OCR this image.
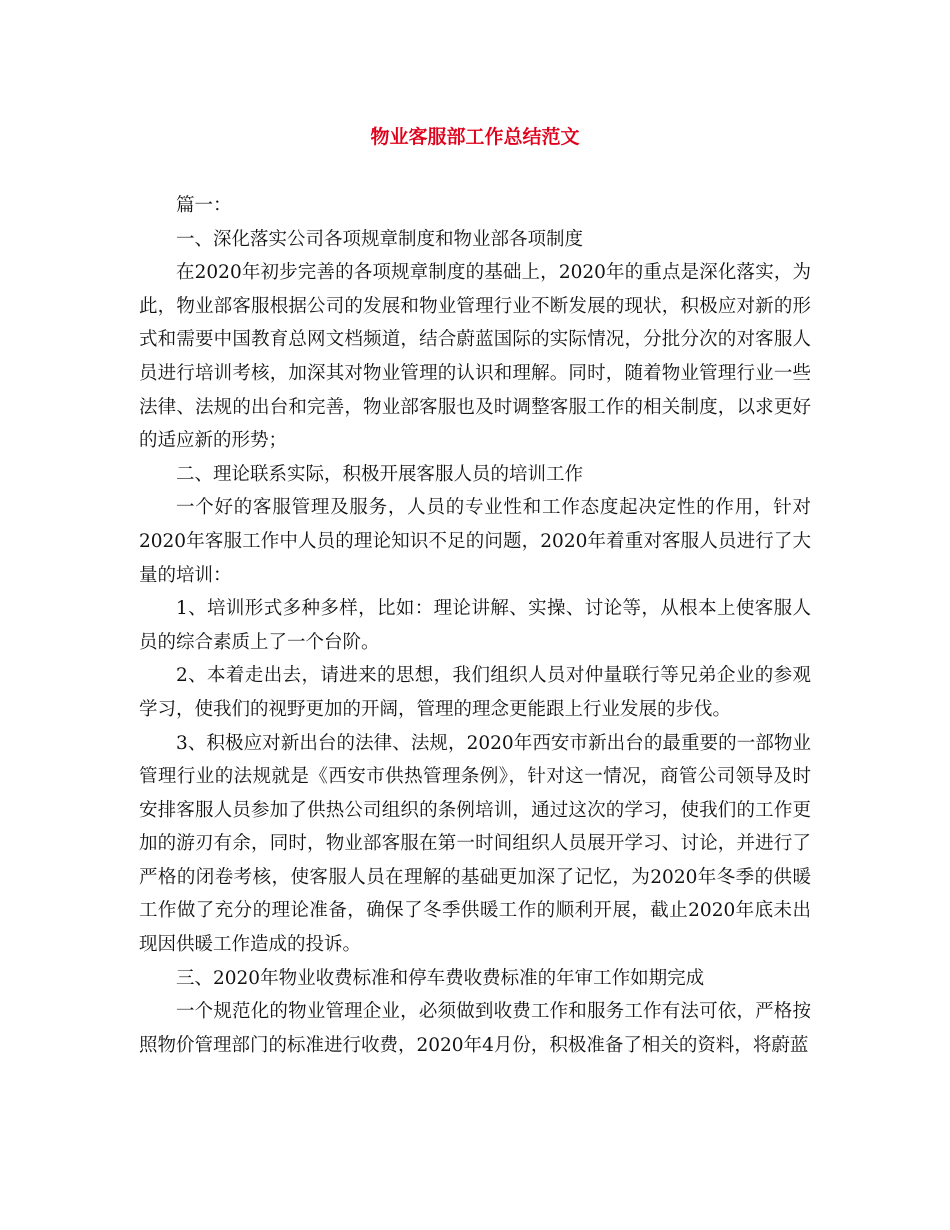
物业客服部工作总结范文

篇一：

一、深化落实公司各项规章制度和物业部各项制度

在2020年初步完善的各项规章制度的基础上，2020年的重点是深化落实，为此，物业部客服根据公司的发展和物业管理行业不断发展的现状，积极应对新的形式和需要中国教育总网文档频道，结合蔚蓝国际的实际情况，分批分次的对客服人员进行培训考核，加深其对物业管理的认识和理解。同时，随着物业管理行业一些法律、法规的出台和完善，物业部客服也及时调整客服工作的相关制度，以求更好的适应新的形势；

二、理论联系实际，积极开展客服人员的培训工作

一个好的客服管理及服务，人员的专业性和工作态度起决定性的作用，针对2020年客服工作中人员的理论知识不足的问题，2020年着重对客服人员进行了大量的培训：

1、培训形式多种多样，比如：理论讲解、实操、讨论等，从根本上使客服人员的综合素质上了一个台阶。

2、本着走出去，请进来的思想，我们组织人员对仲量联行等兄弟企业的参观学习，使我们的视野更加的开阔，管理的理念更能跟上行业发展的步伐。

3、积极应对新出台的法律、法规，2020年西安市新出台的最重要的一部物业管理行业的法规就是《西安市供热管理条例》，针对这一情况，商管公司领导及时安排客服人员参加了供热公司组织的条例培训，通过这次的学习，使我们的工作更加的游刃有余，同时，物业部客服在第一时间组织人员展开学习、讨论，并进行了严格的闭卷考核，使客服人员在理解的基础更加深了记忆，为2020年冬季的供暖工作做了充分的理论准备，确保了冬季供暖工作的顺利开展，截止2020年底未出现因供暖工作造成的投诉。

三、2020年物业收费标准和停车费收费标准的年审工作如期完成

一个规范化的物业管理企业，必须做到收费工作和服务工作有法可依，严格按照物价管理部门的标准进行收费，2020年4月份，积极准备了相关的资料，将蔚蓝
